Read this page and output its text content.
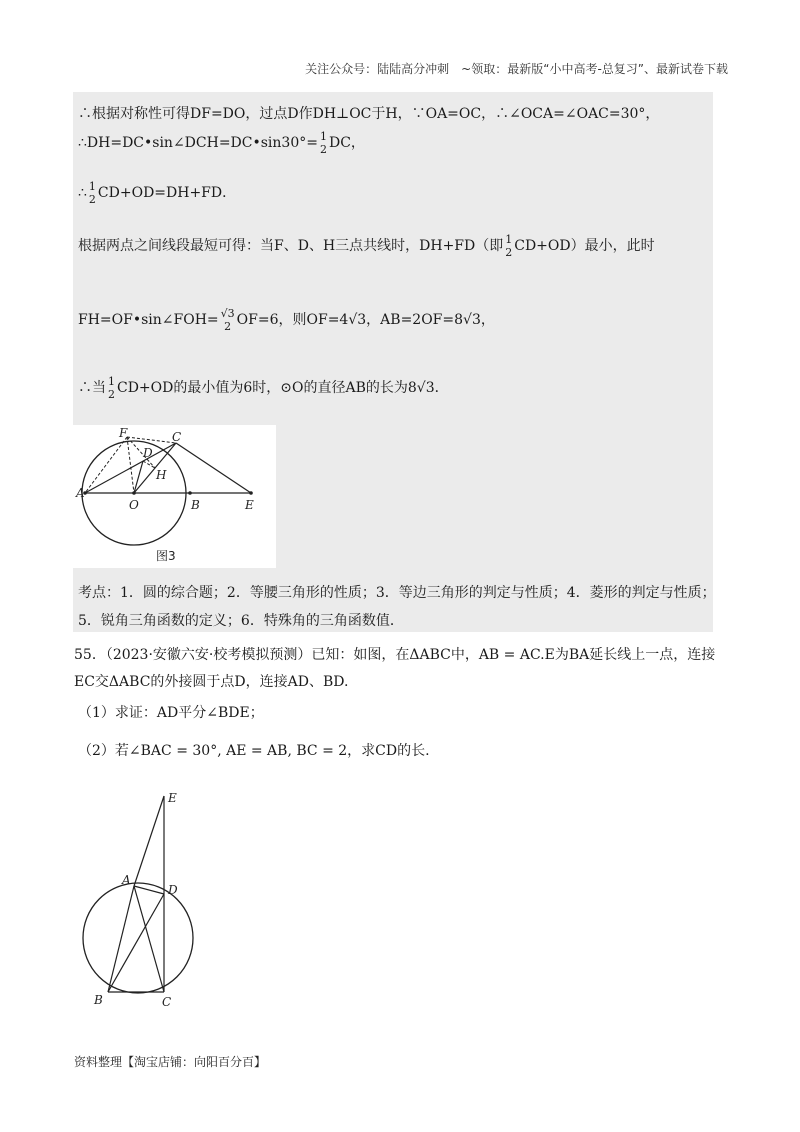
关注公众号：陆陆高分冲刺　~领取：最新版“小中高考-总复习”、最新试卷下载
∴根据对称性可得DF=DO，过点D作DH⊥OC于H，∵OA=OC，∴∠OCA=∠OAC=30°，
∴DH=DC•sin∠DCH=DC•sin30°= 1
2 DC，
∴ 1
2 CD+OD=DH+FD．
根据两点之间线段最短可得：当F、D、H三点共线时，DH+FD（即 1
2 CD+OD）最小，此时
FH=OF•sin∠FOH= √3
2 OF=6，则OF=4√3，AB=2OF=8√3，
∴当 1
2 CD+OD的最小值为6时，⊙O的直径AB的长为8√3．
F	C
D
H
A
O	B	E
图3
考点：1．圆的综合题；2．等腰三角形的性质；3．等边三角形的判定与性质；4．菱形的判定与性质；
5．锐角三角函数的定义；6．特殊角的三角函数值．
55．（2023·安徽六安·校考模拟预测）已知：如图，在ΔABC中，AB = AC.E为BA延长线上一点，连接
EC交ΔABC的外接圆于点D，连接AD、BD.
（1）求证：AD平分∠BDE；
（2）若∠BAC = 30°, AE = AB, BC = 2，求CD的长.
E
A
D
B	C
资料整理【淘宝店铺：向阳百分百】
